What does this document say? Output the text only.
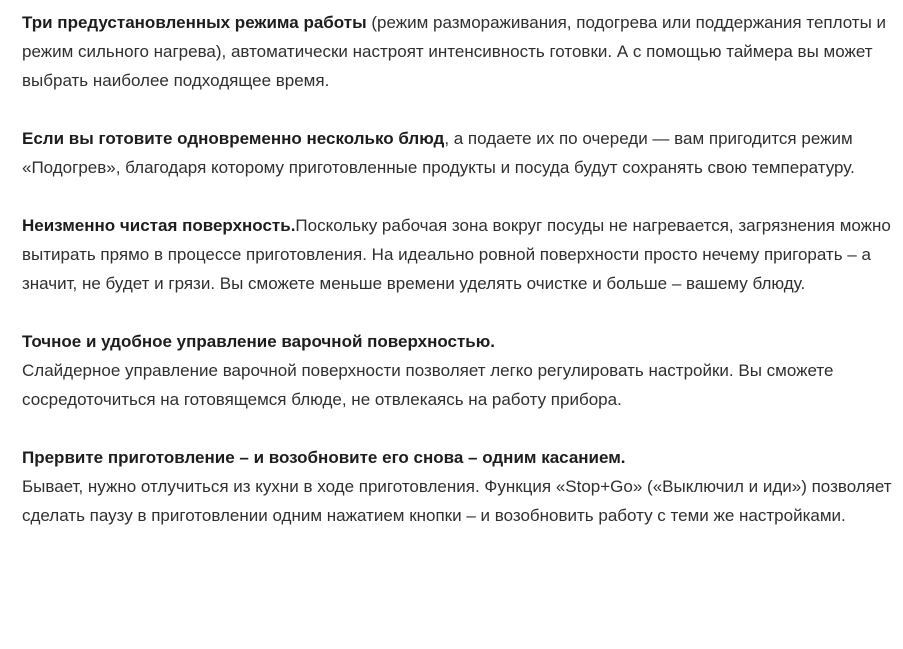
Три предустановленных режима работы (режим размораживания, подогрева или поддержания теплоты и режим сильного нагрева), автоматически настроят интенсивность готовки. А с помощью таймера вы может выбрать наиболее подходящее время.

Если вы готовите одновременно несколько блюд, а подаете их по очереди — вам пригодится режим «Подогрев», благодаря которому приготовленные продукты и посуда будут сохранять свою температуру.

Неизменно чистая поверхность.Поскольку рабочая зона вокруг посуды не нагревается, загрязнения можно вытирать прямо в процессе приготовления. На идеально ровной поверхности просто нечему пригорать – а значит, не будет и грязи. Вы сможете меньше времени уделять очистке и больше – вашему блюду.

Точное и удобное управление варочной поверхностью.
Слайдерное управление варочной поверхности позволяет легко регулировать настройки. Вы сможете сосредоточиться на готовящемся блюде, не отвлекаясь на работу прибора.

Прервите приготовление – и возобновите его снова – одним касанием.
Бывает, нужно отлучиться из кухни в ходе приготовления. Функция «Stop+Go» («Выключил и иди») позволяет сделать паузу в приготовлении одним нажатием кнопки – и возобновить работу с теми же настройками.
